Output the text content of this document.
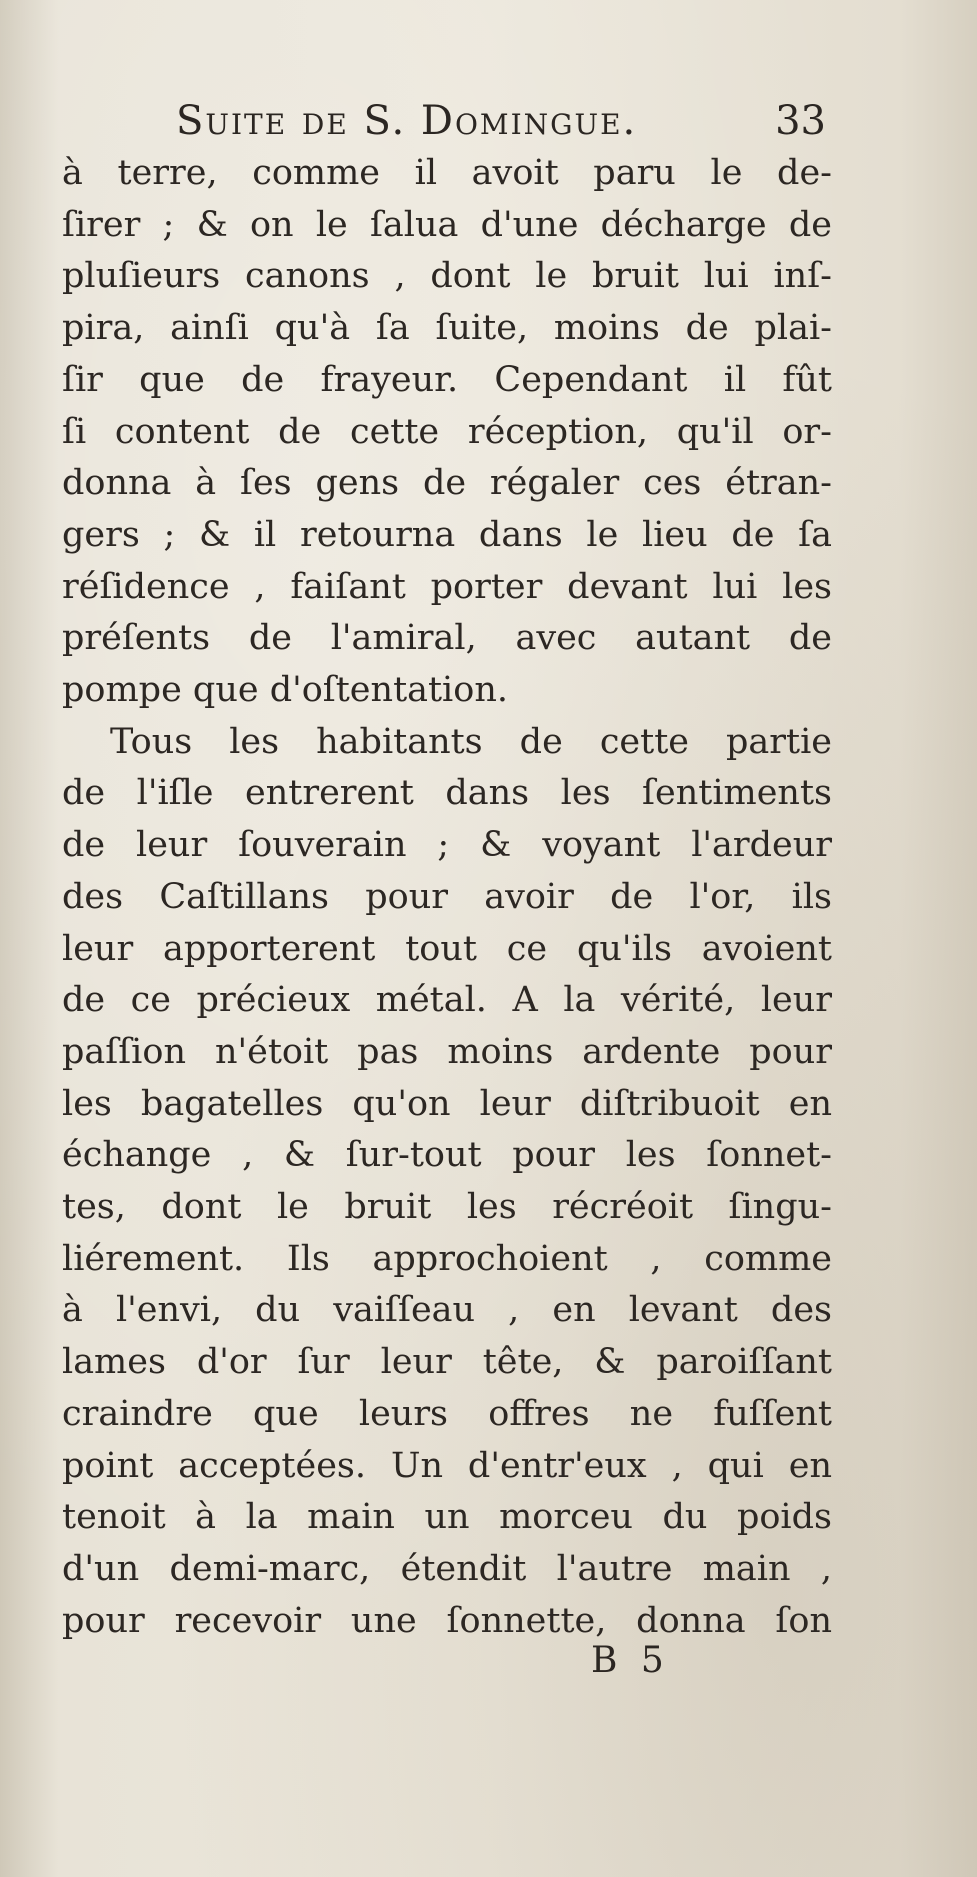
Suite de S. Domingue.	33
à terre, comme il avoit paru le de-
ſirer ; & on le ſalua d'une décharge de
pluſieurs canons , dont le bruit lui inſ-
pira, ainſi qu'à ſa ſuite, moins de plai-
ſir que de frayeur. Cependant il fût
ſi content de cette réception, qu'il or-
donna à ſes gens de régaler ces étran-
gers ; & il retourna dans le lieu de ſa
réſidence , faiſant porter devant lui les
préſents de l'amiral, avec autant de
pompe que d'oſtentation.
Tous les habitants de cette partie
de l'iſle entrerent dans les ſentiments
de leur ſouverain ; & voyant l'ardeur
des Caſtillans pour avoir de l'or, ils
leur apporterent tout ce qu'ils avoient
de ce précieux métal. A la vérité, leur
paſſion n'étoit pas moins ardente pour
les bagatelles qu'on leur diſtribuoit en
échange , & ſur-tout pour les ſonnet-
tes, dont le bruit les récréoit ſingu-
liérement. Ils approchoient , comme
à l'envi, du vaiſſeau , en levant des
lames d'or ſur leur tête, & paroiſſant
craindre que leurs offres ne fuſſent
point acceptées. Un d'entr'eux , qui en
tenoit à la main un morceu du poids
d'un demi-marc, étendit l'autre main ,
pour recevoir une ſonnette, donna ſon
B 5
